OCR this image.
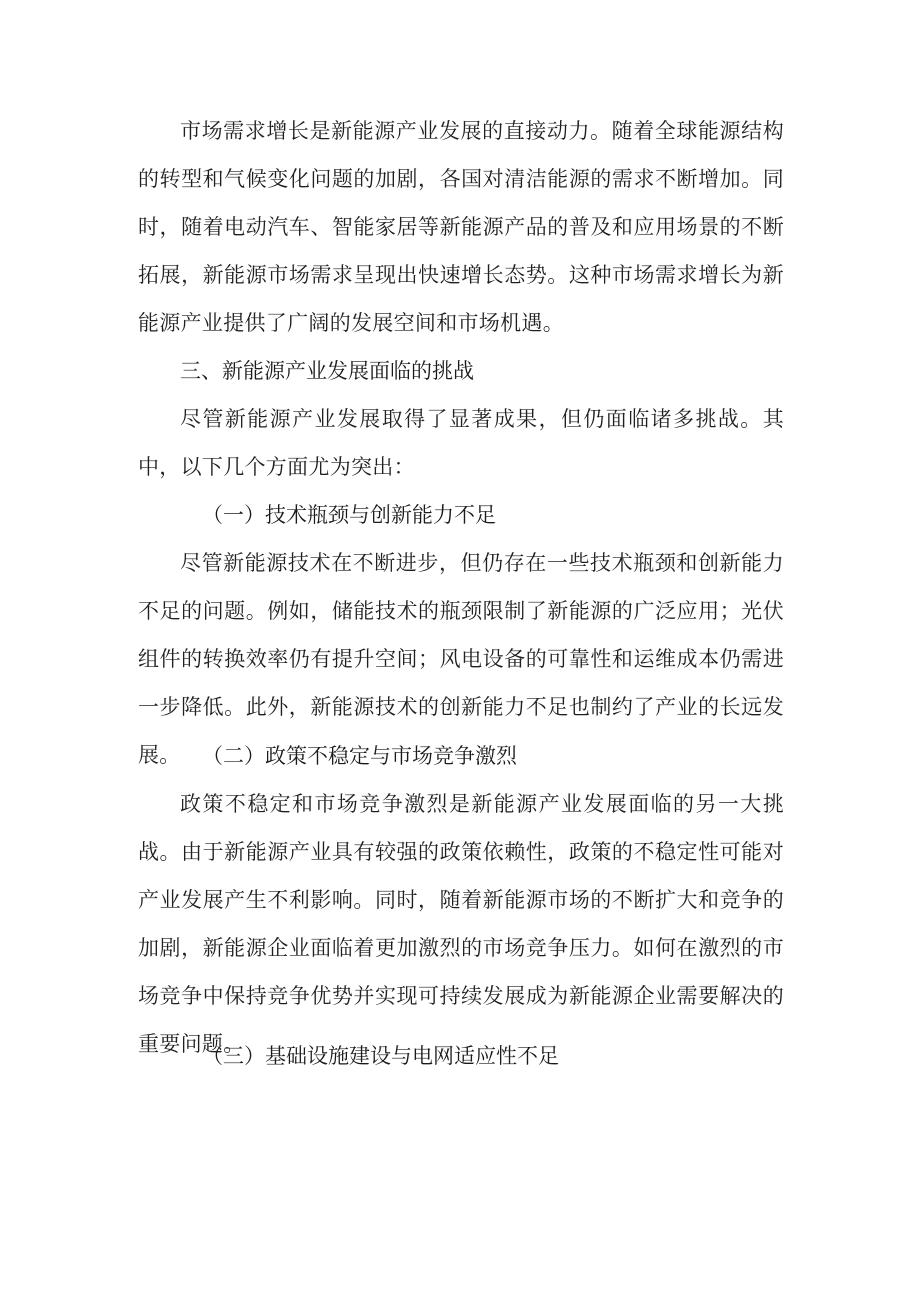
市场需求增长是新能源产业发展的直接动力。随着全球能源结构的转型和气候变化问题的加剧，各国对清洁能源的需求不断增加。同时，随着电动汽车、智能家居等新能源产品的普及和应用场景的不断拓展，新能源市场需求呈现出快速增长态势。这种市场需求增长为新能源产业提供了广阔的发展空间和市场机遇。

三、新能源产业发展面临的挑战

尽管新能源产业发展取得了显著成果，但仍面临诸多挑战。其中，以下几个方面尤为突出：

（一）技术瓶颈与创新能力不足

尽管新能源技术在不断进步，但仍存在一些技术瓶颈和创新能力不足的问题。例如，储能技术的瓶颈限制了新能源的广泛应用；光伏组件的转换效率仍有提升空间；风电设备的可靠性和运维成本仍需进一步降低。此外，新能源技术的创新能力不足也制约了产业的长远发展。	（二）政策不稳定与市场竞争激烈

政策不稳定和市场竞争激烈是新能源产业发展面临的另一大挑战。由于新能源产业具有较强的政策依赖性，政策的不稳定性可能对产业发展产生不利影响。同时，随着新能源市场的不断扩大和竞争的加剧，新能源企业面临着更加激烈的市场竞争压力。如何在激烈的市场竞争中保持竞争优势并实现可持续发展成为新能源企业需要解决的重要问题。

（三）基础设施建设与电网适应性不足
